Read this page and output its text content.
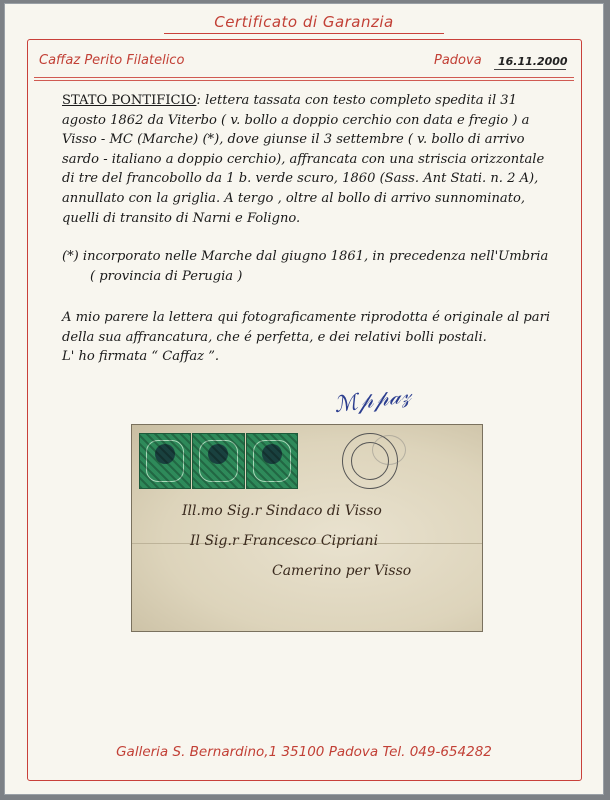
Certificato di Garanzia
Caffaz Perito Filatelico	Padova 16.11.2000
STATO PONTIFICIO: lettera tassata con testo completo spedita il 31
agosto 1862 da Viterbo ( v. bollo a doppio cerchio con data e fregio ) a
Visso - MC (Marche) (*), dove giunse il 3 settembre ( v. bollo di arrivo
sardo - italiano a doppio cerchio), affrancata con una striscia orizzontale
di tre del francobollo da 1 b. verde scuro, 1860 (Sass. Ant Stati. n. 2 A),
annullato con la griglia. A tergo , oltre al bollo di arrivo sunnominato,
quelli di transito di Narni e Foligno.
(*) incorporato nelle Marche dal giugno 1861, in precedenza nell'Umbria
( provincia di Perugia )
A mio parere la lettera qui fotograficamente riprodotta é originale al pari
della sua affrancatura, che é perfetta, e dei relativi bolli postali.
L' ho firmata “ Caffaz ”.
ℳ𝓅𝓅𝒶𝓏
Ill.mo Sig.r Sindaco di Visso
Il Sig.r Francesco Cipriani
Camerino per Visso
Galleria S. Bernardino,1 35100 Padova Tel. 049-654282
